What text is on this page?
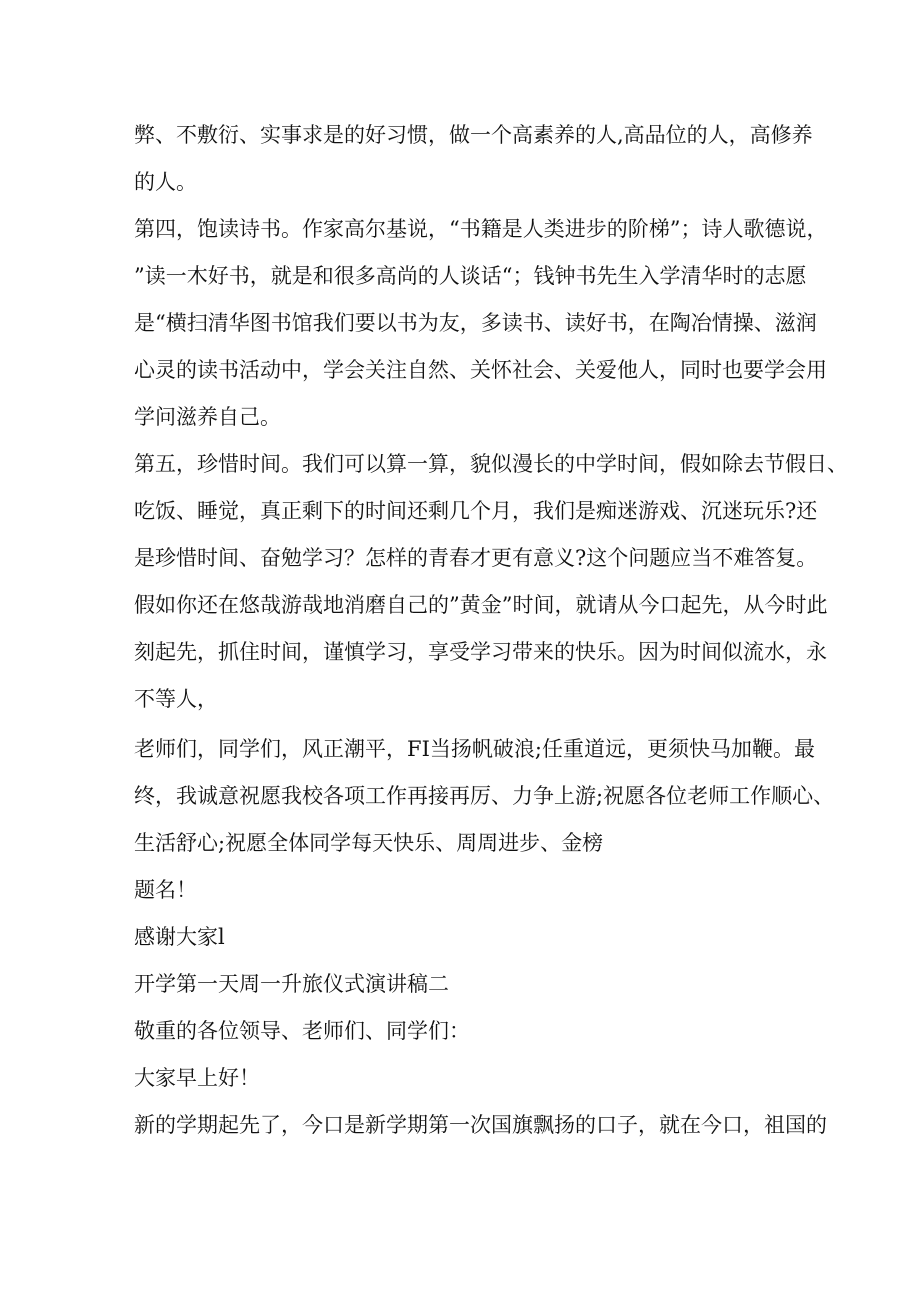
弊、不敷衍、实事求是的好习惯，做一个高素养的人,高品位的人，高修养
的人。
第四，饱读诗书。作家高尔基说，“书籍是人类进步的阶梯”；诗人歌德说，
”读一木好书，就是和很多高尚的人谈话“；钱钟书先生入学清华时的志愿
是“横扫清华图书馆我们要以书为友，多读书、读好书，在陶冶情操、滋润
心灵的读书活动中，学会关注自然、关怀社会、关爱他人，同时也要学会用
学问滋养自己。
第五，珍惜时间。我们可以算一算，貌似漫长的中学时间，假如除去节假日、
吃饭、睡觉，真正剩下的时间还剩几个月，我们是痴迷游戏、沉迷玩乐?还
是珍惜时间、奋勉学习？怎样的青春才更有意义?这个问题应当不难答复。
假如你还在悠哉游哉地消磨自己的”黄金”时间，就请从今口起先，从今时此
刻起先，抓住时间，谨慎学习，享受学习带来的快乐。因为时间似流水，永
不等人，
老师们，同学们，风正潮平，FI当扬帆破浪;任重道远，更须快马加鞭。最
终，我诚意祝愿我校各项工作再接再厉、力争上游;祝愿各位老师工作顺心、
生活舒心;祝愿全体同学每天快乐、周周进步、金榜
题名！
感谢大家l
开学第一天周一升旅仪式演讲稿二
敬重的各位领导、老师们、同学们：
大家早上好！
新的学期起先了，今口是新学期第一次国旗飘扬的口子，就在今口，祖国的
